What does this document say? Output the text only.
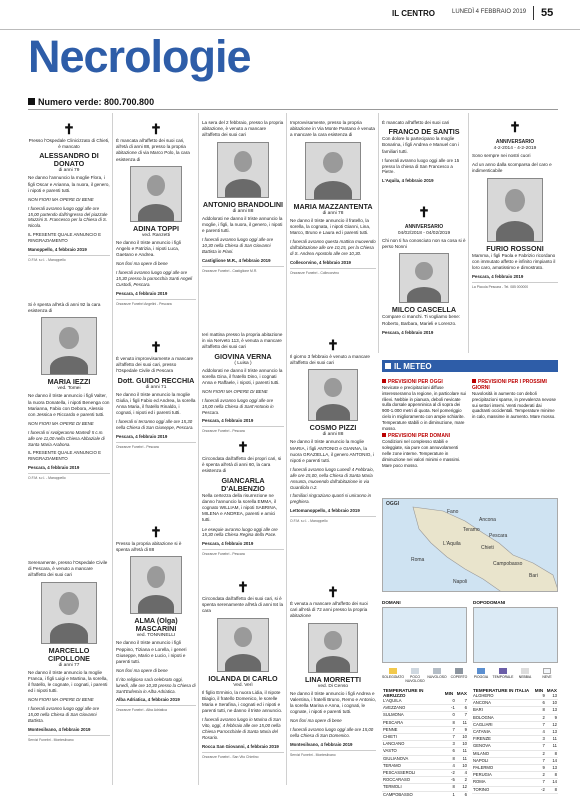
IL CENTRO	LUNEDÌ 4 FEBBRAIO 2019 55
Necrologie
Numero verde: 800.700.800
✝
Presso l'Ospedale Clinicizzato di Chieti, è mancato
ALESSANDRO DI DONATO
di anni 79
Ne danno l'annuncio la moglie Flora, i figli Oscar e Arianna, la nuora, il genero, i nipoti e parenti tutti.
NON FIORI MA OPERE DI BENE
I funerali avranno luogo oggi alle ore 15,00 partendo dall'ingresso del piazzale Mazzini S. Francesco per la Chiesa di S. Nicola.
IL PRESENTE QUALE ANNUNCIO E RINGRAZIAMENTO
Manoppello, 4 febbraio 2019
O.F.M. s.r.l. - Manoppello
Si è spenta all'età di anni 92 la cara esistenza di
MARIA IEZZI
ved. Tomei
Ne danno il triste annuncio i figli Valter, la nuora Donatella, i nipoti Benenga con Marianna, Fabio con Debora, Alessio con Jessica e Riccardo e parenti tutti.
NON FIORI MA OPERE DI BENE
I funerali si svolgeranno Martedì 5 c.m. alle ore 11,00 nella Chiesa Abbaziale di Santa Maria Arabona.
IL PRESENTE QUALE ANNUNCIO E RINGRAZIAMENTO
Pescara, 4 febbraio 2019
O.F.M. s.r.l. - Manoppello
Serenamente, presso l'Ospedale Civile di Pescara, è venuto a mancare all'affetto dei suoi cari
MARCELLO CIPOLLONE
di anni 77
Ne danno il triste annuncio la moglie Franca, i figli Luigi e Martina, la sorella, il fratello, le cognate, i cognati, i parenti ed i nipoti tutti.
NON FIORI MA OPERE DI BENE
I funerali avranno luogo oggi alle ore 15,00 nella Chiesa di San Giovanni Battista.
Montesilvano, 4 febbraio 2019
Servizi Funebri - Montesilvano
✝
È mancata all'affetto dei suoi cari, all'età di anni 88, presso la propria abitazione di via Marco Polo, la cara esistenza di
ADINA TOPPI
ved. Ranzetti
Ne danno il triste annuncio i figli Angelo e Patrizia, i nipoti Luca, Gaetano e Andrea.
Non fiori ma opere di bene
I funerali avranno luogo oggi alle ore 15,30 presso la parrocchia Santi Angeli Custodi, Pescara.
Pescara, 4 febbraio 2019
Onoranze Funebri Angelini - Pescara
✝
È venuto improvvisamente a mancare all'affetto dei suoi cari, presso l'Ospedale Civile di Pescara
Dott. GUIDO RECCHIA
di anni 71
Ne danno il triste annuncio la moglie Giulia, i figli Fabio ed Andrea, la sorella Anna Maria, il fratello Rinaldo, i cognati, i nipoti ed i parenti tutti.
I funerali si terranno oggi alle ore 15,30 nella Chiesa di San Giuseppe, Pescara.
Pescara, 4 febbraio 2019
Onoranze Funebri - Pescara
✝
Presso la propria abitazione si è spenta all'età di 88
ALMA (Olga) MASCARINI
ved. TONNINELLI
Ne danno il triste annuncio i figli Peppino, Tiziana e Lorella, i generi Giuseppe, Mario e Lucio, i nipoti e parenti tutti.
Non fiori ma opere di bene
Il rito religioso sarà celebrato oggi, lunedì, alle ore 10,30 presso la Chiesa di Sant'Eufemia in Alba Adriatica.
Alba Adriatica, 4 febbraio 2019
Onoranze Funebri - Alba Adriatica
La sera del 2 febbraio, presso la propria abitazione, è venuto a mancare all'affetto dei suoi cari
ANTONIO BRANDOLINI
di anni 88
Addolorati ne danno il triste annuncio la moglie, i figli, la nuora, il genero, i nipoti e parenti tutti.
I funerali avranno luogo oggi alle ore 10,30 nella Chiesa di San Giovanni Battista in Piani.
Castiglione M.R., 4 febbraio 2019
Onoranze Funebri - Castiglione M.R.
Ieri mattina presso la propria abitazione in via Nerveto 113, è venuta a mancare all'affetto dei suoi cari
GIOVINA VERNA
( Luisa )
Addolorati ne danno il triste annuncio la sorella Gina, il fratello Dino, i cognati Anna e Raffaele, i nipoti, i parenti tutti.
NON FIORI MA OPERE DI BENE
I funerali avranno luogo oggi alle ore 15,00 nella Chiesa di Sant'Antonio in Pescara.
Pescara, 4 febbraio 2019
Onoranze Funebri - Pescara
✝
Circondata dall'affetto dei propri cari, si è spenta all'età di anni 60, la cara esistenza di
GIANCARLA D'ALBENZIO
Nella certezza della risurrezione ne danno l'annuncio la sorella EMMA, il cognato WILLIAM, i nipoti SABRINA, MILENA e ANDREA, parenti e amici tutti.
Le esequie avranno luogo oggi alle ore 15,30 nella Chiesa Regina della Pace.
Pescara, 4 febbraio 2019
Onoranze Funebri - Pescara
✝
Circondata dall'affetto dei suoi cari, si è spenta serenamente all'età di anni 84 la cara
IOLANDA DI CARLO
Ved. Verì
Il figlio Erminio, la nuora Lidia, il nipote Biagio, il fratello Domenico, le sorelle Maria e Serafina, i cognati ed i nipoti e parenti tutti, ne danno il triste annuncio.
I funerali avranno luogo in Marina di San Vito, oggi, 4 febbraio alle ore 15,00 nella Chiesa Parrocchiale di Santa Maria del Rosario.
Rocca San Giovanni, 4 febbraio 2019
Onoranze Funebri - San Vito Chietino
Improvvisamente, presso la propria abitazione in Via Monte Pantano è venuta a mancare la cara esistenza di
MARIA MAZZANTENTA
di anni 78
Ne danno il triste annuncio il fratello, la sorella, la cognata, i nipoti Gianni, Lina, Marco, Bruno e Laura ed i parenti tutti.
I funerali avranno questa mattina muovendo dall'abitazione alle ore 10,15, per la Chiesa di S. Andrea Apostolo alle ore 10,30.
Collecorvino, 4 febbraio 2019
Onoranze Funebri - Collecorvino
✝
Il giorno 3 febbraio è venuto a mancare all'affetto dei suoi cari
COSMO PIZZI
di anni 88
Ne danno il triste annuncio la moglie MARIA, i figli ANTONIO e GIANNA, la nuora GRAZIELLA, il genero ANTONIO, i nipoti e parenti tutti.
I funerali avranno luogo Lunedì 4 Febbraio, alle ore 15,00, nella Chiesa di Santa Maria Assunta, muovendo dall'abitazione in via Guardiola n.2.
I familiari ringraziano quanti si uniranno in preghiera.
Lettomanoppello, 4 febbraio 2019
O.F.M. s.r.l. - Manoppello
✝
È venuta a mancare all'affetto dei suoi cari all'età di 72 anni presso la propria abitazione
LINA MORRETTI
ved. Di Censo
Ne danno il triste annuncio i figli Andrea e Valentina, i fratelli Bruno, Remo e Antonio, la sorella Marina e Anna, i cognati, le cognate, i nipoti e parenti tutti.
Non fiori ma opere di bene
I funerali avranno luogo oggi alle ore 15,00 nella Chiesa di San Domenico.
Montesilvano, 4 febbraio 2019
Servizi Funebri - Montesilvano
È mancato all'affetto dei suoi cari
FRANCO DE SANTIS
Con dolore lo partecipano la moglie Bonarina, i figli Andrea e Manuel con i familiari tutti.
I funerali avranno luogo oggi alle ore 15 presso la chiesa di San Francesco a Pietre.
L'Aquila, 4 febbraio 2019
✝
ANNIVERSARIO
04/02/2018 - 04/02/2019
Chi non ti ha conosciuto non sa cosa si è perso Nonni
MILCO CASCELLA
Compare ci manchi. Ti vogliamo bene: Roberto, Barbara, Marieli e Lorenzo.
Pescara, 4 febbraio 2019
✝
ANNIVERSARIO
4-2-2014 - 4-2-2019
Sono sempre nei nostri cuori
Ad un anno dalla scomparsa del caro e indimenticabile
FURIO ROSSONI
Mamma, i figli Paola e Fabrizio ricordano con immutato affetto e infinito rimpianto il loro caro, amatissimo e dimostrato.
Pescara, 4 febbraio 2019
La Piccola Pescara - Tel. 085 000000
IL METEO
PREVISIONI PER OGGI
Nevicate e precipitazioni diffuse interesseranno la regione, in particolare sui rilievi. Nebbie in pianura, deboli nevicate sulla dorsale appenninica al di sopra dei 900-1.000 metri di quota. Nel pomeriggio cielo in miglioramento con ampie schiarite. Temperature stabili o in diminuzione, mare mosso.
PREVISIONI PER DOMANI
Condizioni nel complesso stabili e soleggiate, sia pure con annuvolamenti nelle zone interne. Temperature in diminuzione nei valori minimi e massimi. Mare poco mosso.
PREVISIONI PER I PROSSIMI GIORNI
Nuvolosità in aumento con deboli precipitazioni sparse, in prevalenza nevose sui settori interni. Venti moderati dai quadranti occidentali. Temperature minime in calo, massime in aumento. Mare mosso.
OGGI
Fano
Ancona
Roma
L'Aquila
Pescara
Chieti
Teramo
Napoli
Campobasso
Bari
DOMANI	DOPODOMANI
SOLEGGIATO	POCO NUVOLOSO
NUVOLOSO	COPERTO	PIOGGIA	TEMPORALE	NEBBIA	NEVE
TEMPERATURE IN ABRUZZO	MIN	MAX
L'AQUILA	0	7
AVEZZANO	-1	6
SULMONA	0	7
PESCARA	8	11
PENNE	7	9
CHIETI	7	10
LANCIANO	3	10
VASTO	6	11
GIULIANOVA	8	11
TERAMO	4	10
PESCASSEROLI	-2	4
ROCCARASO	-5	2
TERMOLI	8	12
CAMPOBASSO	1	6
TEMPERATURE IN ITALIA	MIN	MAX
ALGHERO	9	13
ANCONA	6	10
BARI	8	13
BOLOGNA	2	9
CAGLIARI	7	12
CATANIA	4	13
FIRENZE	3	11
GENOVA	7	11
MILANO	2	8
NAPOLI	7	14
PALERMO	9	13
PERUGIA	2	8
ROMA	7	14
TORINO	-2	8
